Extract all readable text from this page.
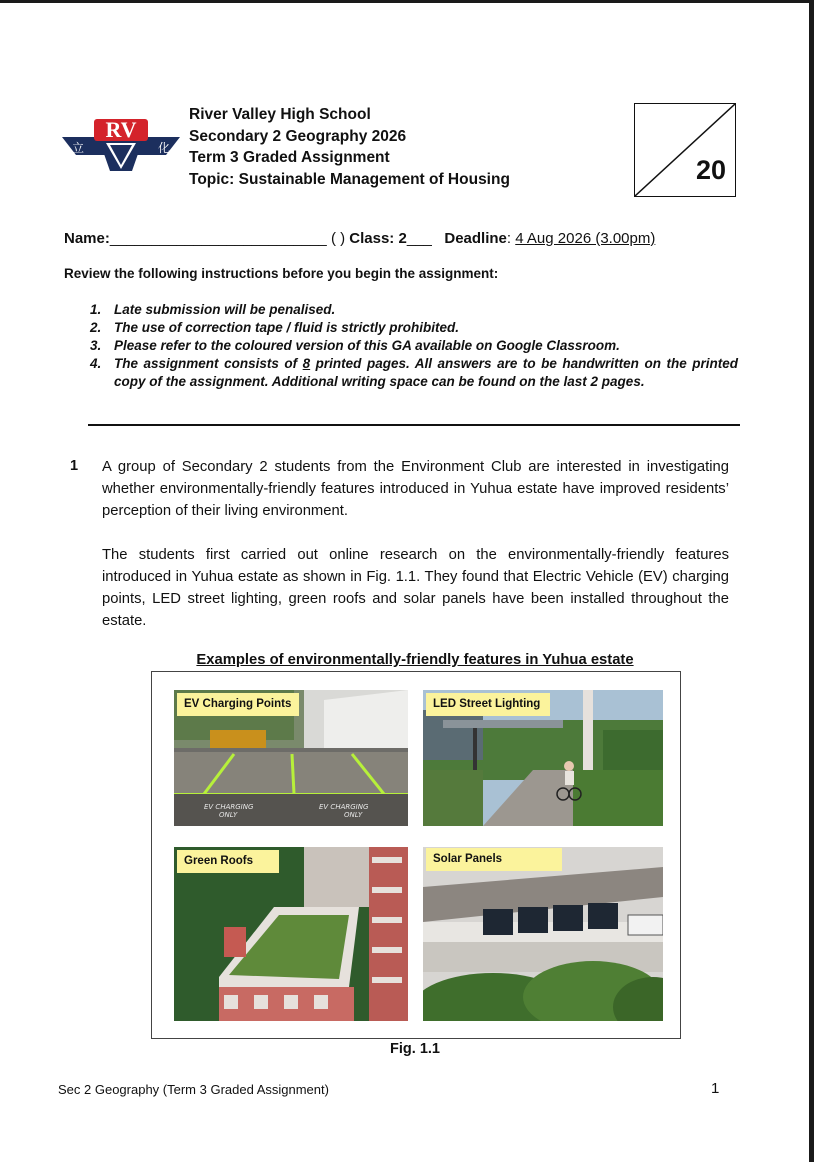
RV
立	化
River Valley High School
Secondary 2 Geography 2026
Term 3 Graded Assignment
Topic: Sustainable Management of Housing	20
Name:__________________________ ( ) Class: 2___ Deadline: 4 Aug 2026 (3.00pm)
Review the following instructions before you begin the assignment:
1. Late submission will be penalised.
2. The use of correction tape / fluid is strictly prohibited.
3. Please refer to the coloured version of this GA available on Google Classroom.
4. The assignment consists of 8 printed pages. All answers are to be handwritten on the printed copy of the assignment. Additional writing space can be found on the last 2 pages.
1 A group of Secondary 2 students from the Environment Club are interested in investigating whether environmentally-friendly features introduced in Yuhua estate have improved residents’ perception of their living environment.

The students first carried out online research on the environmentally-friendly features introduced in Yuhua estate as shown in Fig. 1.1. They found that Electric Vehicle (EV) charging points, LED street lighting, green roofs and solar panels have been installed throughout the estate.

Examples of environmentally-friendly features in Yuhua estate
EV CHARGING
ONLY
EV CHARGING
ONLY
EV Charging Points	LED Street Lighting
Green Roofs	Solar Panels
Fig. 1.1
Sec 2 Geography (Term 3 Graded Assignment)	1
